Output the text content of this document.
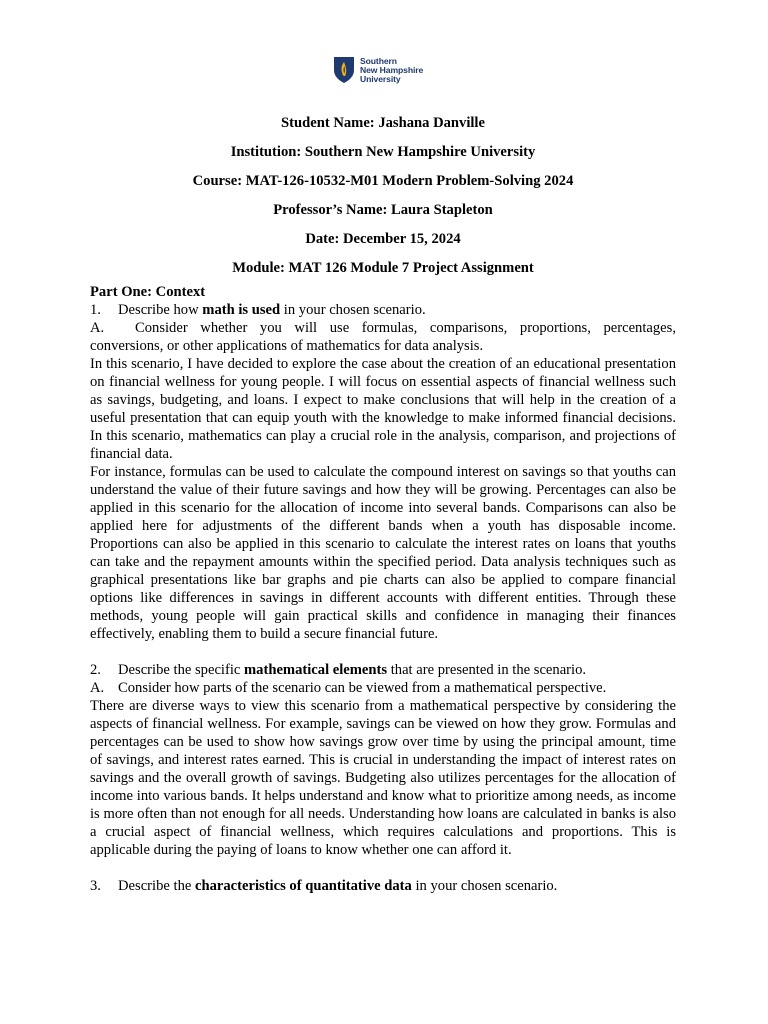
Southern
New Hampshire
University
Student Name: Jashana Danville
Institution: Southern New Hampshire University
Course: MAT-126-10532-M01 Modern Problem-Solving 2024
Professor’s Name: Laura Stapleton
Date: December 15, 2024
Module: MAT 126 Module 7 Project Assignment
Part One: Context
1.	Describe how math is used in your chosen scenario.
A. Consider whether you will use formulas, comparisons, proportions, percentages, conversions, or other applications of mathematics for data analysis.

In this scenario, I have decided to explore the case about the creation of an educational presentation on financial wellness for young people. I will focus on essential aspects of financial wellness such as savings, budgeting, and loans. I expect to make conclusions that will help in the creation of a useful presentation that can equip youth with the knowledge to make informed financial decisions. In this scenario, mathematics can play a crucial role in the analysis, comparison, and projections of financial data.

For instance, formulas can be used to calculate the compound interest on savings so that youths can understand the value of their future savings and how they will be growing. Percentages can also be applied in this scenario for the allocation of income into several bands. Comparisons can also be applied here for adjustments of the different bands when a youth has disposable income. Proportions can also be applied in this scenario to calculate the interest rates on loans that youths can take and the repayment amounts within the specified period. Data analysis techniques such as graphical presentations like bar graphs and pie charts can also be applied to compare financial options like differences in savings in different accounts with different entities. Through these methods, young people will gain practical skills and confidence in managing their finances effectively, enabling them to build a secure financial future.

2.	Describe the specific mathematical elements that are presented in the scenario.
A. Consider how parts of the scenario can be viewed from a mathematical perspective.

There are diverse ways to view this scenario from a mathematical perspective by considering the aspects of financial wellness. For example, savings can be viewed on how they grow. Formulas and percentages can be used to show how savings grow over time by using the principal amount, time of savings, and interest rates earned. This is crucial in understanding the impact of interest rates on savings and the overall growth of savings. Budgeting also utilizes percentages for the allocation of income into various bands. It helps understand and know what to prioritize among needs, as income is more often than not enough for all needs. Understanding how loans are calculated in banks is also a crucial aspect of financial wellness, which requires calculations and proportions. This is applicable during the paying of loans to know whether one can afford it.

3.	Describe the characteristics of quantitative data in your chosen scenario.
